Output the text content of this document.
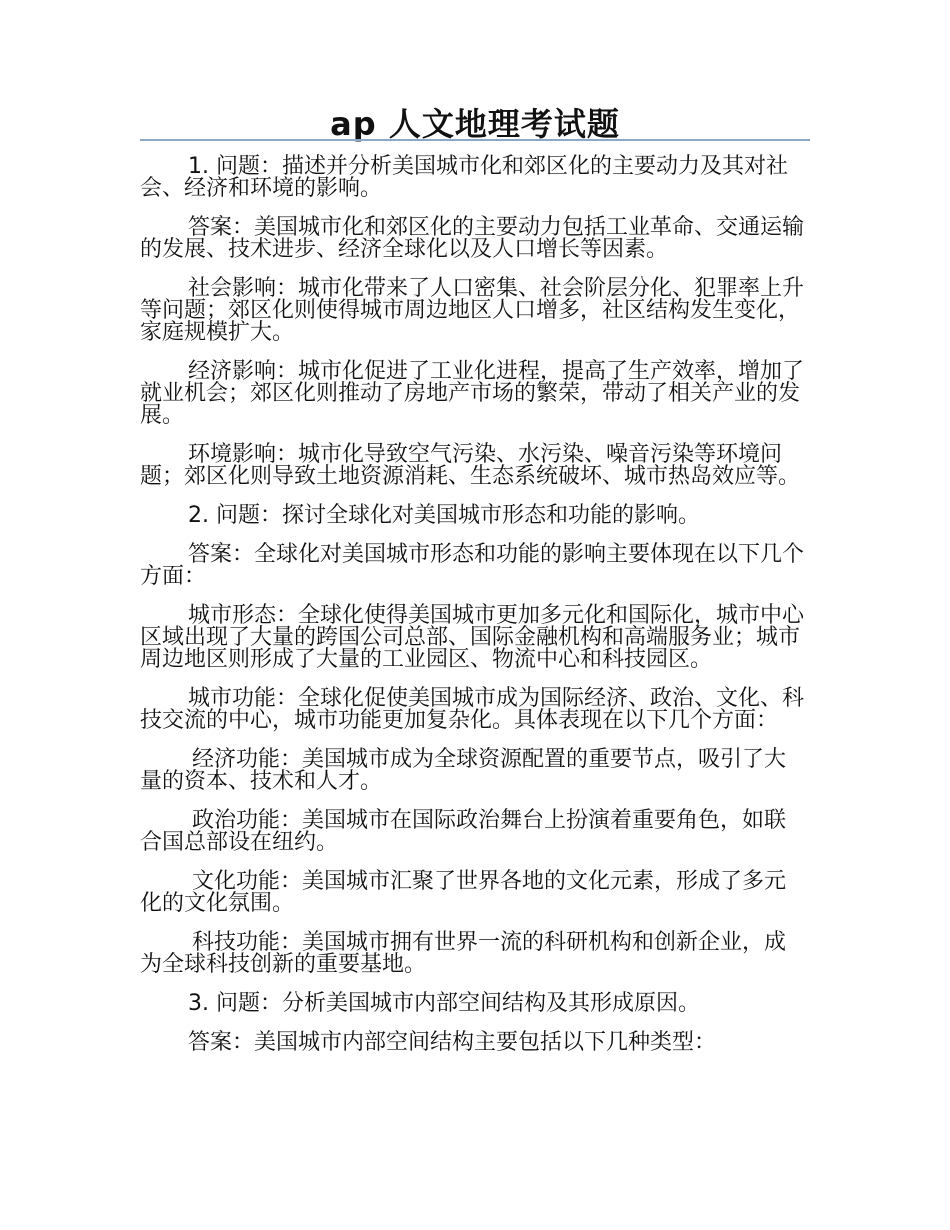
ap 人文地理考试题

1. 问题：描述并分析美国城市化和郊区化的主要动力及其对社会、经济和环境的影响。

答案：美国城市化和郊区化的主要动力包括工业革命、交通运输的发展、技术进步、经济全球化以及人口增长等因素。

社会影响：城市化带来了人口密集、社会阶层分化、犯罪率上升等问题；郊区化则使得城市周边地区人口增多，社区结构发生变化，家庭规模扩大。

经济影响：城市化促进了工业化进程，提高了生产效率，增加了就业机会；郊区化则推动了房地产市场的繁荣，带动了相关产业的发展。

环境影响：城市化导致空气污染、水污染、噪音污染等环境问题；郊区化则导致土地资源消耗、生态系统破坏、城市热岛效应等。

2. 问题：探讨全球化对美国城市形态和功能的影响。

答案：全球化对美国城市形态和功能的影响主要体现在以下几个方面：

城市形态：全球化使得美国城市更加多元化和国际化，城市中心区域出现了大量的跨国公司总部、国际金融机构和高端服务业；城市周边地区则形成了大量的工业园区、物流中心和科技园区。

城市功能：全球化促使美国城市成为国际经济、政治、文化、科技交流的中心，城市功能更加复杂化。具体表现在以下几个方面：

经济功能：美国城市成为全球资源配置的重要节点，吸引了大量的资本、技术和人才。

政治功能：美国城市在国际政治舞台上扮演着重要角色，如联合国总部设在纽约。

文化功能：美国城市汇聚了世界各地的文化元素，形成了多元化的文化氛围。

科技功能：美国城市拥有世界一流的科研机构和创新企业，成为全球科技创新的重要基地。

3. 问题：分析美国城市内部空间结构及其形成原因。

答案：美国城市内部空间结构主要包括以下几种类型：
